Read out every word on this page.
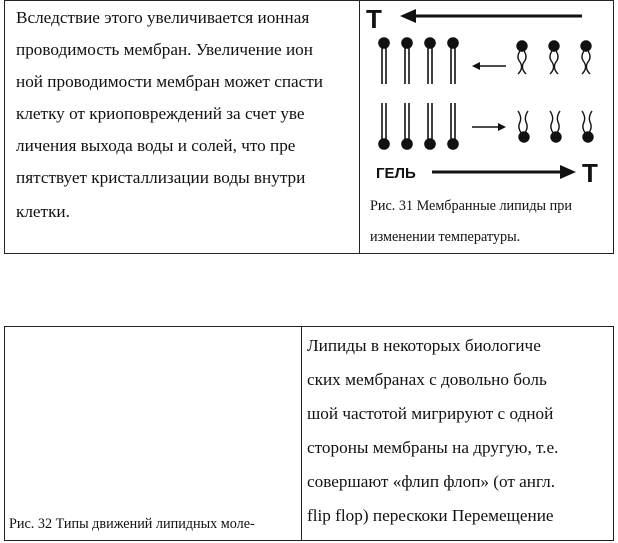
Вследствие этого увеличивается ионная
проводимость мембран. Увеличение ион
ной проводимости мембран может спасти
клетку от криоповреждений за счет уве
личения выхода воды и солей, что пре
пятствует кристаллизации воды внутри
клетки.
T
ГЕЛЬ	T
Рис. 31 Мембранные липиды при
изменении температуры.
Рис. 32 Типы движений липидных моле-
Липиды в некоторых биологиче
ских мембранах с довольно боль
шой частотой мигрируют с одной
стороны мембраны на другую, т.е.
совершают «флип флоп» (от англ.
flip flop) перескоки Перемещение
